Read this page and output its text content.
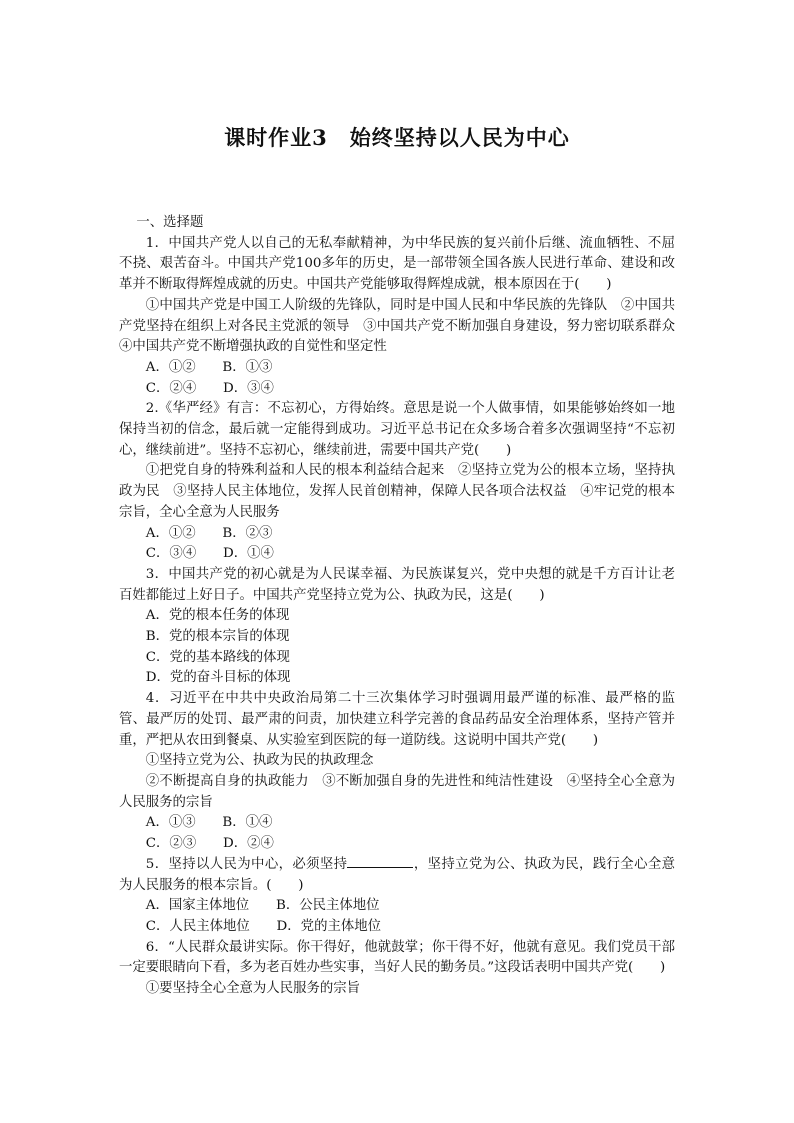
课时作业3　始终坚持以人民为中心

一、选择题

1．中国共产党人以自己的无私奉献精神，为中华民族的复兴前仆后继、流血牺牲、不屈不挠、艰苦奋斗。中国共产党100多年的历史，是一部带领全国各族人民进行革命、建设和改革并不断取得辉煌成就的历史。中国共产党能够取得辉煌成就，根本原因在于(　　)

①中国共产党是中国工人阶级的先锋队，同时是中国人民和中华民族的先锋队　②中国共产党坚持在组织上对各民主党派的领导　③中国共产党不断加强自身建设，努力密切联系群众　④中国共产党不断增强执政的自觉性和坚定性

A．①②　　B．①③

C．②④　　D．③④

2.《华严经》有言：不忘初心，方得始终。意思是说一个人做事情，如果能够始终如一地保持当初的信念，最后就一定能得到成功。习近平总书记在众多场合着多次强调坚持“不忘初心，继续前进”。坚持不忘初心，继续前进，需要中国共产党(　　)

①把党自身的特殊利益和人民的根本利益结合起来　②坚持立党为公的根本立场，坚持执政为民　③坚持人民主体地位，发挥人民首创精神，保障人民各项合法权益　④牢记党的根本宗旨，全心全意为人民服务

A．①②　　B．②③

C．③④　　D．①④

3．中国共产党的初心就是为人民谋幸福、为民族谋复兴，党中央想的就是千方百计让老百姓都能过上好日子。中国共产党坚持立党为公、执政为民，这是(　　)

A．党的根本任务的体现

B．党的根本宗旨的体现

C．党的基本路线的体现

D．党的奋斗目标的体现

4．习近平在中共中央政治局第二十三次集体学习时强调用最严谨的标准、最严格的监管、最严厉的处罚、最严肃的问责，加快建立科学完善的食品药品安全治理体系，坚持产管并重，严把从农田到餐桌、从实验室到医院的每一道防线。这说明中国共产党(　　)

①坚持立党为公、执政为民的执政理念

②不断提高自身的执政能力　③不断加强自身的先进性和纯洁性建设　④坚持全心全意为人民服务的宗旨

A．①③　　B．①④

C．②③　　D．②④

5．坚持以人民为中心，必须坚持	，坚持立党为公、执政为民，践行全心全意为人民服务的根本宗旨。(　　)

A．国家主体地位　　B．公民主体地位

C．人民主体地位　　D．党的主体地位

6．“人民群众最讲实际。你干得好，他就鼓掌；你干得不好，他就有意见。我们党员干部一定要眼睛向下看，多为老百姓办些实事，当好人民的勤务员。”这段话表明中国共产党(　　)

①要坚持全心全意为人民服务的宗旨
